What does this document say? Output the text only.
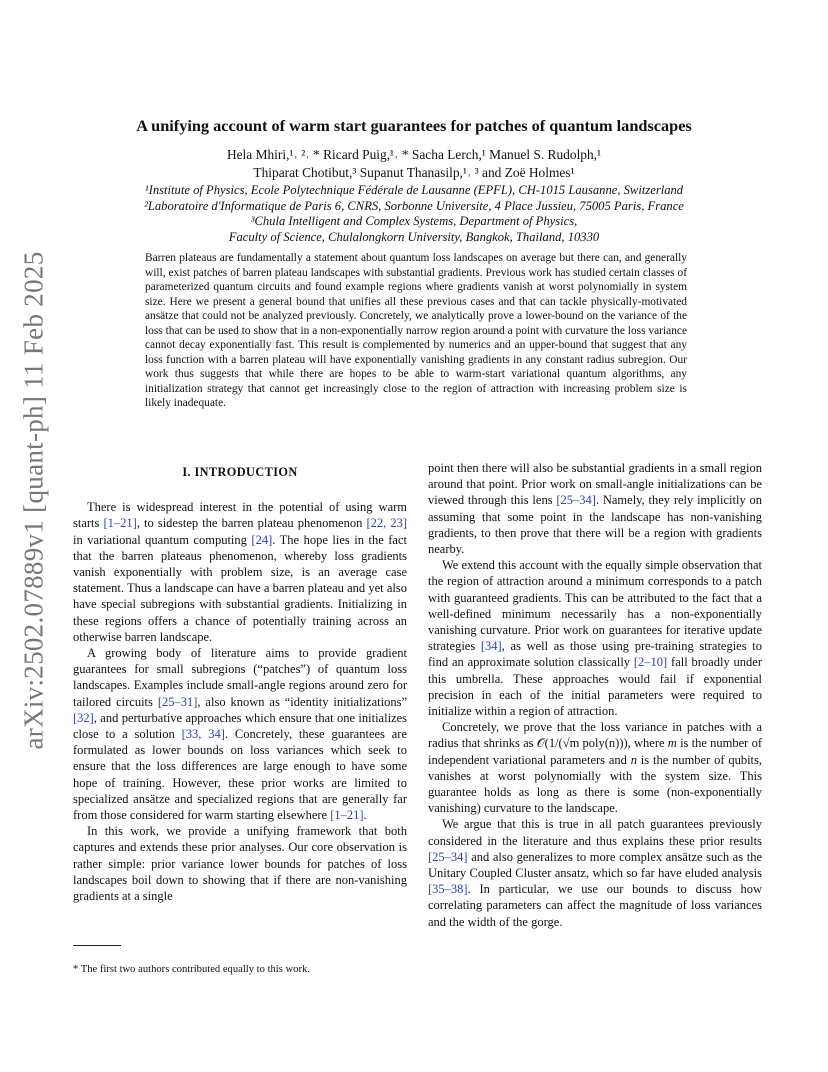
arXiv:2502.07889v1 [quant-ph] 11 Feb 2025
A unifying account of warm start guarantees for patches of quantum landscapes
Hela Mhiri,¹˒ ²˒ * Ricard Puig,¹˒ * Sacha Lerch,¹ Manuel S. Rudolph,¹
Thiparat Chotibut,³ Supanut Thanasilp,¹˒ ³ and Zoë Holmes¹
¹Institute of Physics, Ecole Polytechnique Fédérale de Lausanne (EPFL), CH-1015 Lausanne, Switzerland
²Laboratoire d'Informatique de Paris 6, CNRS, Sorbonne Universite, 4 Place Jussieu, 75005 Paris, France
³Chula Intelligent and Complex Systems, Department of Physics,
Faculty of Science, Chulalongkorn University, Bangkok, Thailand, 10330
Barren plateaus are fundamentally a statement about quantum loss landscapes on average but there can, and generally will, exist patches of barren plateau landscapes with substantial gradients. Previous work has studied certain classes of parameterized quantum circuits and found example regions where gradients vanish at worst polynomially in system size. Here we present a general bound that unifies all these previous cases and that can tackle physically-motivated ansätze that could not be analyzed previously. Concretely, we analytically prove a lower-bound on the variance of the loss that can be used to show that in a non-exponentially narrow region around a point with curvature the loss variance cannot decay exponentially fast. This result is complemented by numerics and an upper-bound that suggest that any loss function with a barren plateau will have exponentially vanishing gradients in any constant radius subregion. Our work thus suggests that while there are hopes to be able to warm-start variational quantum algorithms, any initialization strategy that cannot get increasingly close to the region of attraction with increasing problem size is likely inadequate.
I. INTRODUCTION

There is widespread interest in the potential of using warm starts [1–21], to sidestep the barren plateau phenomenon [22, 23] in variational quantum computing [24]. The hope lies in the fact that the barren plateaus phenomenon, whereby loss gradients vanish exponentially with problem size, is an average case statement. Thus a landscape can have a barren plateau and yet also have special subregions with substantial gradients. Initializing in these regions offers a chance of potentially training across an otherwise barren landscape.

A growing body of literature aims to provide gradient guarantees for small subregions (“patches”) of quantum loss landscapes. Examples include small-angle regions around zero for tailored circuits [25–31], also known as “identity initializations” [32], and perturbative approaches which ensure that one initializes close to a solution [33, 34]. Concretely, these guarantees are formulated as lower bounds on loss variances which seek to ensure that the loss differences are large enough to have some hope of training. However, these prior works are limited to specialized ansätze and specialized regions that are generally far from those considered for warm starting elsewhere [1–21].

In this work, we provide a unifying framework that both captures and extends these prior analyses. Our core observation is rather simple: prior variance lower bounds for patches of loss landscapes boil down to showing that if there are non-vanishing gradients at a single

point then there will also be substantial gradients in a small region around that point. Prior work on small-angle initializations can be viewed through this lens [25–34]. Namely, they rely implicitly on assuming that some point in the landscape has non-vanishing gradients, to then prove that there will be a region with gradients nearby.

We extend this account with the equally simple observation that the region of attraction around a minimum corresponds to a patch with guaranteed gradients. This can be attributed to the fact that a well-defined minimum necessarily has a non-exponentially vanishing curvature. Prior work on guarantees for iterative update strategies [34], as well as those using pre-training strategies to find an approximate solution classically [2–10] fall broadly under this umbrella. These approaches would fail if exponential precision in each of the initial parameters were required to initialize within a region of attraction.

Concretely, we prove that the loss variance in patches with a radius that shrinks as 𝒪(1/(√m poly(n))), where m is the number of independent variational parameters and n is the number of qubits, vanishes at worst polynomially with the system size. This guarantee holds as long as there is some (non-exponentially vanishing) curvature to the landscape.

We argue that this is true in all patch guarantees previously considered in the literature and thus explains these prior results [25–34] and also generalizes to more complex ansätze such as the Unitary Coupled Cluster ansatz, which so far have eluded analysis [35–38]. In particular, we use our bounds to discuss how correlating parameters can affect the magnitude of loss variances and the width of the gorge.

* The first two authors contributed equally to this work.
